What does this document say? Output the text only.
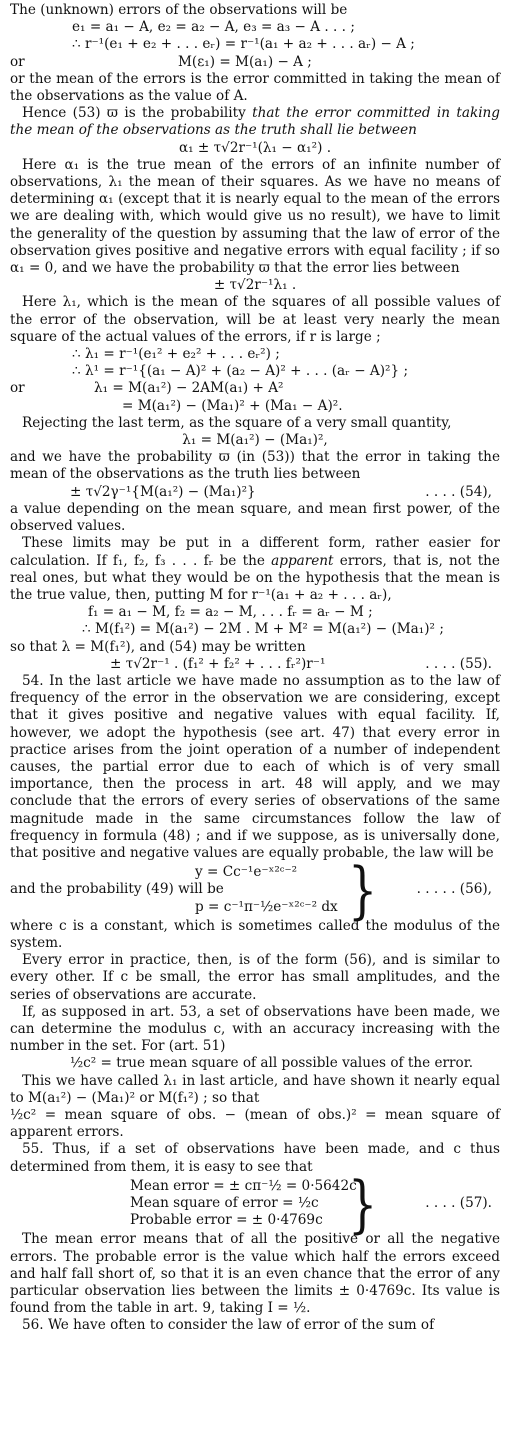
The (unknown) errors of the observations will be

e₁ = a₁ − A, e₂ = a₂ − A, e₃ = a₃ − A . . . ;
∴ r⁻¹(e₁ + e₂ + . . . eᵣ) = r⁻¹(a₁ + a₂ + . . . aᵣ) − A ;
or	M(ε₁) = M(a₁) − A ;

or the mean of the errors is the error committed in taking the mean of the observations as the value of A.

Hence (53) ϖ is the probability that the error committed in taking the mean of the observations as the truth shall lie between

α₁ ± τ√2r⁻¹(λ₁ − α₁²) .

Here α₁ is the true mean of the errors of an infinite number of observations, λ₁ the mean of their squares. As we have no means of determining α₁ (except that it is nearly equal to the mean of the errors we are dealing with, which would give us no result), we have to limit the generality of the question by assuming that the law of error of the observation gives positive and negative errors with equal facility ; if so α₁ = 0, and we have the probability ϖ that the error lies between

± τ√2r⁻¹λ₁ .

Here λ₁, which is the mean of the squares of all possible values of the error of the observation, will be at least very nearly the mean square of the actual values of the errors, if r is large ;

∴ λ₁ = r⁻¹(e₁² + e₂² + . . . eᵣ²) ;
∴ λ¹ = r⁻¹{(a₁ − A)² + (a₂ − A)² + . . . (aᵣ − A)²} ;
or	λ₁ = M(a₁²) − 2AM(a₁) + A²
= M(a₁²) − (Ma₁)² + (Ma₁ − A)².

Rejecting the last term, as the square of a very small quantity,

λ₁ = M(a₁²) − (Ma₁)²,

and we have the probability ϖ (in (53)) that the error in taking the mean of the observations as the truth lies between

± τ√2γ⁻¹{M(a₁²) − (Ma₁)²}	. . . . (54),

a value depending on the mean square, and mean first power, of the observed values.

These limits may be put in a different form, rather easier for calculation. If f₁, f₂, f₃ . . . fᵣ be the apparent errors, that is, not the real ones, but what they would be on the hypothesis that the mean is the true value, then, putting M for r⁻¹(a₁ + a₂ + . . . aᵣ),

f₁ = a₁ − M, f₂ = a₂ − M, . . . fᵣ = aᵣ − M ;
∴ M(f₁²) = M(a₁²) − 2M . M + M² = M(a₁²) − (Ma₁)² ;

so that λ = M(f₁²), and (54) may be written

± τ√2r⁻¹ . (f₁² + f₂² + . . . fᵣ²)r⁻¹	. . . . (55).

54. In the last article we have made no assumption as to the law of frequency of the error in the observation we are considering, except that it gives positive and negative values with equal facility. If, however, we adopt the hypothesis (see art. 47) that every error in practice arises from the joint operation of a number of independent causes, the partial error due to each of which is of very small importance, then the process in art. 48 will apply, and we may conclude that the errors of every series of observations of the same magnitude made in the same circumstances follow the law of frequency in formula (48) ; and if we suppose, as is universally done, that positive and negative values are equally probable, the law will be

y = Cc⁻¹e⁻ˣ²ᶜ⁻²
and the probability (49) will be
p = c⁻¹π⁻½e⁻ˣ²ᶜ⁻² dx }	. . . . . (56),

where c is a constant, which is sometimes called the modulus of the system.

Every error in practice, then, is of the form (56), and is similar to every other. If c be small, the error has small amplitudes, and the series of observations are accurate.

If, as supposed in art. 53, a set of observations have been made, we can determine the modulus c, with an accuracy increasing with the number in the set. For (art. 51)

½c² = true mean square of all possible values of the error.

This we have called λ₁ in last article, and have shown it nearly equal to M(a₁²) − (Ma₁)² or M(f₁²) ; so that

½c² = mean square of obs. − (mean of obs.)² = mean square of apparent errors.

55. Thus, if a set of observations have been made, and c thus determined from them, it is easy to see that

Mean error = ± cπ⁻½ = 0·5642c
Mean square of error = ½c
Probable error = ± 0·4769c }	. . . . (57).

The mean error means that of all the positive or all the negative errors. The probable error is the value which half the errors exceed and half fall short of, so that it is an even chance that the error of any particular observation lies between the limits ± 0·4769c. Its value is found from the table in art. 9, taking I = ½.

56. We have often to consider the law of error of the sum of
